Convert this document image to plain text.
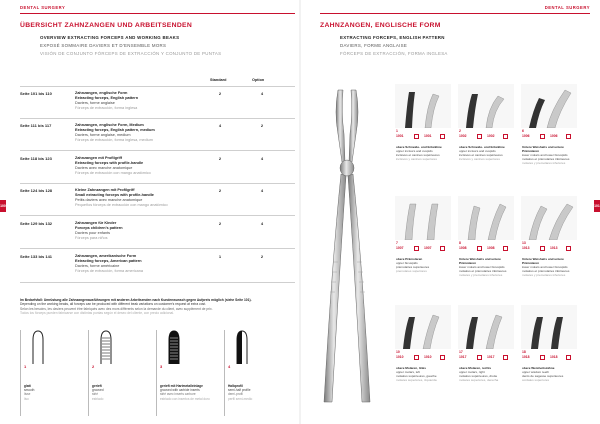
DENTAL SURGERY
100
ÜBERSICHT ZAHNZANGEN UND ARBEITSENDEN
OVERVIEW EXTRACTING FORCEPS AND WORKING BEAKS
EXPOSÉ SOMMAIRE DAVIERS ET D'ENSEMBLE MORS
VISIÓN DE CONJUNTO FÓRCEPS DE EXTRACCIÓN Y CONJUNTO DE PUNTAS
Standard	Option
Seite 101 bis 110	Zahnzangen, englische Form
Extracting forceps, English pattern
Daviers, forme anglaise
Fórceps de extracción, forma inglesa
2	4
Seite 111 bis 117	Zahnzangen, englische Form, Medium
Extracting forceps, English pattern, medium
Daviers, forme anglaise, medium
Fórceps de extracción, forma inglesa, medium
4	2
Seite 118 bis 123	Zahnzangen mit Profilgriff
Extracting forceps with profile-handle
Daviers avec manche anatomique
Fórceps de extracción con mango anatómico
2	4
Seite 124 bis 128	Kleine Zahnzangen mit Profilgriff
Small extracting forceps with profile-handle
Petits daviers avec manche anatomique
Pequeños fórceps de extracción con mango anatómico
2	4
Seite 129 bis 132	Zahnzangen für Kinder
Forceps children's pattern
Daviers pour enfants
Fórceps para niños
2	4
Seite 133 bis 141	Zahnzangen, amerikanische Form
Extracting forceps, American pattern
Daviers, forme américaine
Fórceps de extracción, forma americana
1	2
Im Bedarfsfall: Umrüstung alle Zahnzangenausführungen mit anderen Arbeitsenden nach Kundenwunsch gegen Aufpreis möglich (siehe Seite 101).
Depending on the working beaks, all forceps can be produced with different beak variations on customer's request at extra cost.
Selon les besoins, les daviers peuvent être fabriqués avec des mors différents selon la demande du client, avec supplément de prix.
Todos los fórceps pueden fabricarse con distintas puntas según el deseo del cliente, con precio adicional.
1
glatt
smooth
lisse
liso
2
gerieft
grooved
strié
estriado
3
gerieft mit Hartmetalleinlage
grooved with carbide inserts
strié avec inserts carbure
estriado con insertos de metal duro
4
Halbprofil
semi-half profile
demi-profil
perfil semi-medio
DENTAL SURGERY
101
ZAHNZANGEN, ENGLISCHE FORM
EXTRACTING FORCEPS, ENGLISH PATTERN
DAVIERS, FORME ANGLAISE
FÓRCEPS DE EXTRACCIÓN, FORMA INGLESA
1
1001	1001
obere Schneide- und Eckzähne
upper incisors and cuspids
incisives et canines supérieures
incisivos y caninos superiores
2
1002	1002
obere Schneide- und Eckzähne
upper incisors and cuspids
incisives et canines supérieures
incisivos y caninos superiores
6
1006	1006
Untere Weisheits und untere Prämolaren
lower molars and lower bicuspids
molaires et prémolaires inférieures
molares y premolares inferiores
7
1007	1007
obere Prämolaren
upper bicuspids
prémolaires supérieures
premolares superiores
8
1008	1008
Untere Weisheits und untere Prämolaren
lower molars and lower bicuspids
molaires et prémolaires inférieures
molares y premolares inferiores
13
1013	1013
Untere Weisheits und untere Prämolaren
lower molars and lower bicuspids
molaires et prémolaires inférieures
molares y premolares inferiores
10
1010	1010
obere Molaren, links
upper molars, left
molaires supérieures, gauche
molares superiores, izquierda
17
1017	1017
obere Molaren, rechts
upper molars, right
molaires supérieures, droite
molares superiores, derecha
18
1018	1018
obere Weisheitszähne
upper wisdom teeth
dents de sagesse supérieures
cordales superiores
